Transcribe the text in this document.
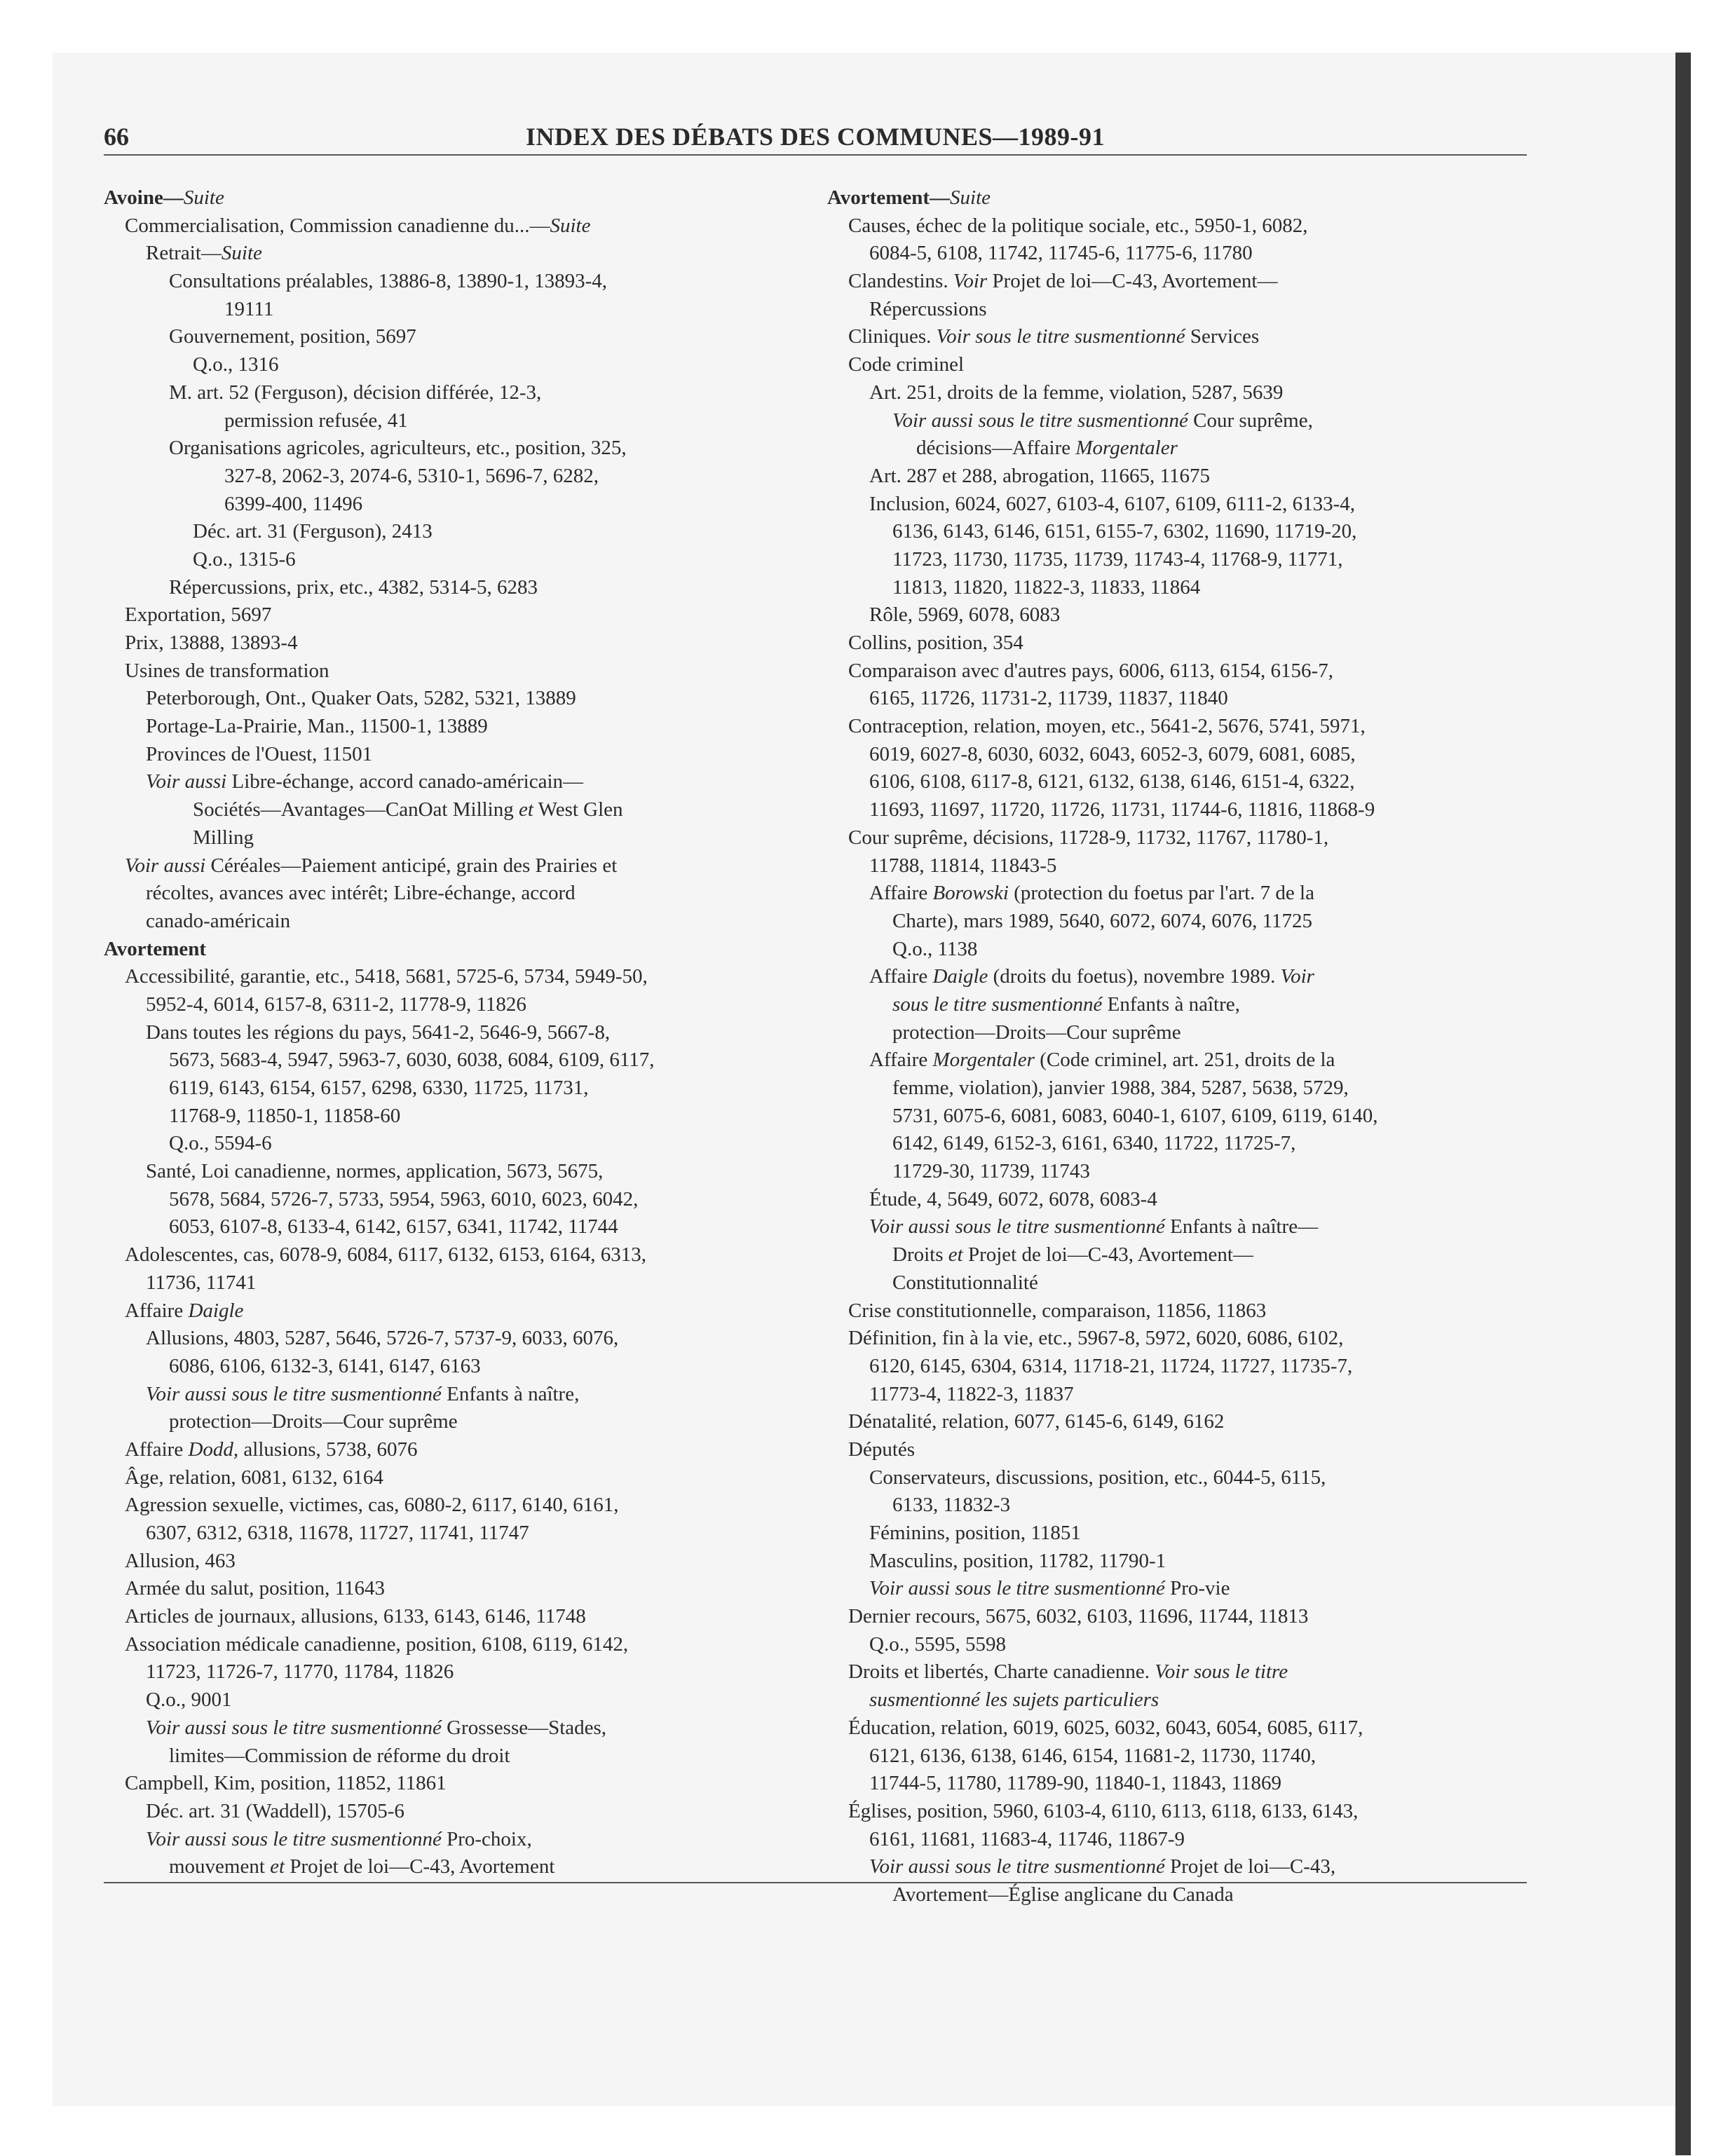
66	INDEX DES DÉBATS DES COMMUNES—1989-91
Avoine—Suite
Commercialisation, Commission canadienne du...—Suite
Retrait—Suite
Consultations préalables, 13886-8, 13890-1, 13893-4,
19111
Gouvernement, position, 5697
Q.o., 1316
M. art. 52 (Ferguson), décision différée, 12-3,
permission refusée, 41
Organisations agricoles, agriculteurs, etc., position, 325,
327-8, 2062-3, 2074-6, 5310-1, 5696-7, 6282,
6399-400, 11496
Déc. art. 31 (Ferguson), 2413
Q.o., 1315-6
Répercussions, prix, etc., 4382, 5314-5, 6283
Exportation, 5697
Prix, 13888, 13893-4
Usines de transformation
Peterborough, Ont., Quaker Oats, 5282, 5321, 13889
Portage-La-Prairie, Man., 11500-1, 13889
Provinces de l'Ouest, 11501
Voir aussi Libre-échange, accord canado-américain—
Sociétés—Avantages—CanOat Milling et West Glen
Milling
Voir aussi Céréales—Paiement anticipé, grain des Prairies et
récoltes, avances avec intérêt; Libre-échange, accord
canado-américain
Avortement
Accessibilité, garantie, etc., 5418, 5681, 5725-6, 5734, 5949-50,
5952-4, 6014, 6157-8, 6311-2, 11778-9, 11826
Dans toutes les régions du pays, 5641-2, 5646-9, 5667-8,
5673, 5683-4, 5947, 5963-7, 6030, 6038, 6084, 6109, 6117,
6119, 6143, 6154, 6157, 6298, 6330, 11725, 11731,
11768-9, 11850-1, 11858-60
Q.o., 5594-6
Santé, Loi canadienne, normes, application, 5673, 5675,
5678, 5684, 5726-7, 5733, 5954, 5963, 6010, 6023, 6042,
6053, 6107-8, 6133-4, 6142, 6157, 6341, 11742, 11744
Adolescentes, cas, 6078-9, 6084, 6117, 6132, 6153, 6164, 6313,
11736, 11741
Affaire Daigle
Allusions, 4803, 5287, 5646, 5726-7, 5737-9, 6033, 6076,
6086, 6106, 6132-3, 6141, 6147, 6163
Voir aussi sous le titre susmentionné Enfants à naître,
protection—Droits—Cour suprême
Affaire Dodd, allusions, 5738, 6076
Âge, relation, 6081, 6132, 6164
Agression sexuelle, victimes, cas, 6080-2, 6117, 6140, 6161,
6307, 6312, 6318, 11678, 11727, 11741, 11747
Allusion, 463
Armée du salut, position, 11643
Articles de journaux, allusions, 6133, 6143, 6146, 11748
Association médicale canadienne, position, 6108, 6119, 6142,
11723, 11726-7, 11770, 11784, 11826
Q.o., 9001
Voir aussi sous le titre susmentionné Grossesse—Stades,
limites—Commission de réforme du droit
Campbell, Kim, position, 11852, 11861
Déc. art. 31 (Waddell), 15705-6
Voir aussi sous le titre susmentionné Pro-choix,
mouvement et Projet de loi—C-43, Avortement
Avortement—Suite
Causes, échec de la politique sociale, etc., 5950-1, 6082,
6084-5, 6108, 11742, 11745-6, 11775-6, 11780
Clandestins. Voir Projet de loi—C-43, Avortement—
Répercussions
Cliniques. Voir sous le titre susmentionné Services
Code criminel
Art. 251, droits de la femme, violation, 5287, 5639
Voir aussi sous le titre susmentionné Cour suprême,
décisions—Affaire Morgentaler
Art. 287 et 288, abrogation, 11665, 11675
Inclusion, 6024, 6027, 6103-4, 6107, 6109, 6111-2, 6133-4,
6136, 6143, 6146, 6151, 6155-7, 6302, 11690, 11719-20,
11723, 11730, 11735, 11739, 11743-4, 11768-9, 11771,
11813, 11820, 11822-3, 11833, 11864
Rôle, 5969, 6078, 6083
Collins, position, 354
Comparaison avec d'autres pays, 6006, 6113, 6154, 6156-7,
6165, 11726, 11731-2, 11739, 11837, 11840
Contraception, relation, moyen, etc., 5641-2, 5676, 5741, 5971,
6019, 6027-8, 6030, 6032, 6043, 6052-3, 6079, 6081, 6085,
6106, 6108, 6117-8, 6121, 6132, 6138, 6146, 6151-4, 6322,
11693, 11697, 11720, 11726, 11731, 11744-6, 11816, 11868-9
Cour suprême, décisions, 11728-9, 11732, 11767, 11780-1,
11788, 11814, 11843-5
Affaire Borowski (protection du foetus par l'art. 7 de la
Charte), mars 1989, 5640, 6072, 6074, 6076, 11725
Q.o., 1138
Affaire Daigle (droits du foetus), novembre 1989. Voir
sous le titre susmentionné Enfants à naître,
protection—Droits—Cour suprême
Affaire Morgentaler (Code criminel, art. 251, droits de la
femme, violation), janvier 1988, 384, 5287, 5638, 5729,
5731, 6075-6, 6081, 6083, 6040-1, 6107, 6109, 6119, 6140,
6142, 6149, 6152-3, 6161, 6340, 11722, 11725-7,
11729-30, 11739, 11743
Étude, 4, 5649, 6072, 6078, 6083-4
Voir aussi sous le titre susmentionné Enfants à naître—
Droits et Projet de loi—C-43, Avortement—
Constitutionnalité
Crise constitutionnelle, comparaison, 11856, 11863
Définition, fin à la vie, etc., 5967-8, 5972, 6020, 6086, 6102,
6120, 6145, 6304, 6314, 11718-21, 11724, 11727, 11735-7,
11773-4, 11822-3, 11837
Dénatalité, relation, 6077, 6145-6, 6149, 6162
Députés
Conservateurs, discussions, position, etc., 6044-5, 6115,
6133, 11832-3
Féminins, position, 11851
Masculins, position, 11782, 11790-1
Voir aussi sous le titre susmentionné Pro-vie
Dernier recours, 5675, 6032, 6103, 11696, 11744, 11813
Q.o., 5595, 5598
Droits et libertés, Charte canadienne. Voir sous le titre
susmentionné les sujets particuliers
Éducation, relation, 6019, 6025, 6032, 6043, 6054, 6085, 6117,
6121, 6136, 6138, 6146, 6154, 11681-2, 11730, 11740,
11744-5, 11780, 11789-90, 11840-1, 11843, 11869
Églises, position, 5960, 6103-4, 6110, 6113, 6118, 6133, 6143,
6161, 11681, 11683-4, 11746, 11867-9
Voir aussi sous le titre susmentionné Projet de loi—C-43,
Avortement—Église anglicane du Canada
